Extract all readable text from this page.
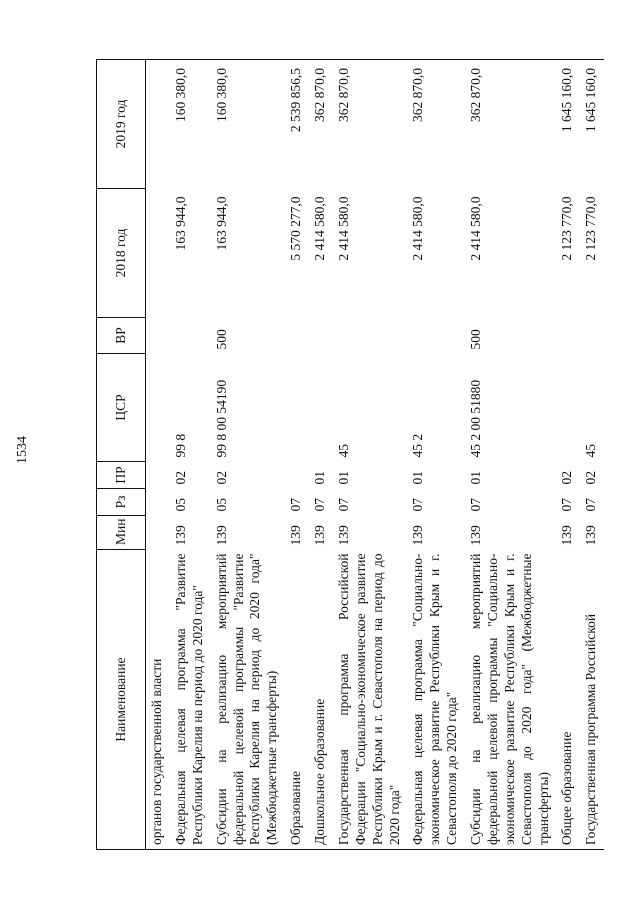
1534
Наименование	Мин	Рз	ПР	ЦСР	ВР	2018 год	2019 год
органов государственной власти							
Федеральная целевая программа "Развитие Республики Карелия на период до 2020 года"	139	05	02	99 8		163 944,0	160 380,0
Субсидии на реализацию мероприятий федеральной целевой программы "Развитие Республики Карелия на период до 2020 года" (Межбюджетные трансферты)	139	05	02	99 8 00 54190	500	163 944,0	160 380,0
Образование	139	07				5 570 277,0	2 539 856,5
Дошкольное образование	139	07	01			2 414 580,0	362 870,0
Государственная программа Российской Федерации "Социально-экономическое развитие Республики Крым и г. Севастополя на период до 2020 года"	139	07	01	45		2 414 580,0	362 870,0
Федеральная целевая программа "Социально-экономическое развитие Республики Крым и г. Севастополя до 2020 года"	139	07	01	45 2		2 414 580,0	362 870,0
Субсидии на реализацию мероприятий федеральной целевой программы "Социально-экономическое развитие Республики Крым и г. Севастополя до 2020 года" (Межбюджетные трансферты)	139	07	01	45 2 00 51880	500	2 414 580,0	362 870,0
Общее образование	139	07	02			2 123 770,0	1 645 160,0
Государственная программа Российской	139	07	02	45		2 123 770,0	1 645 160,0
